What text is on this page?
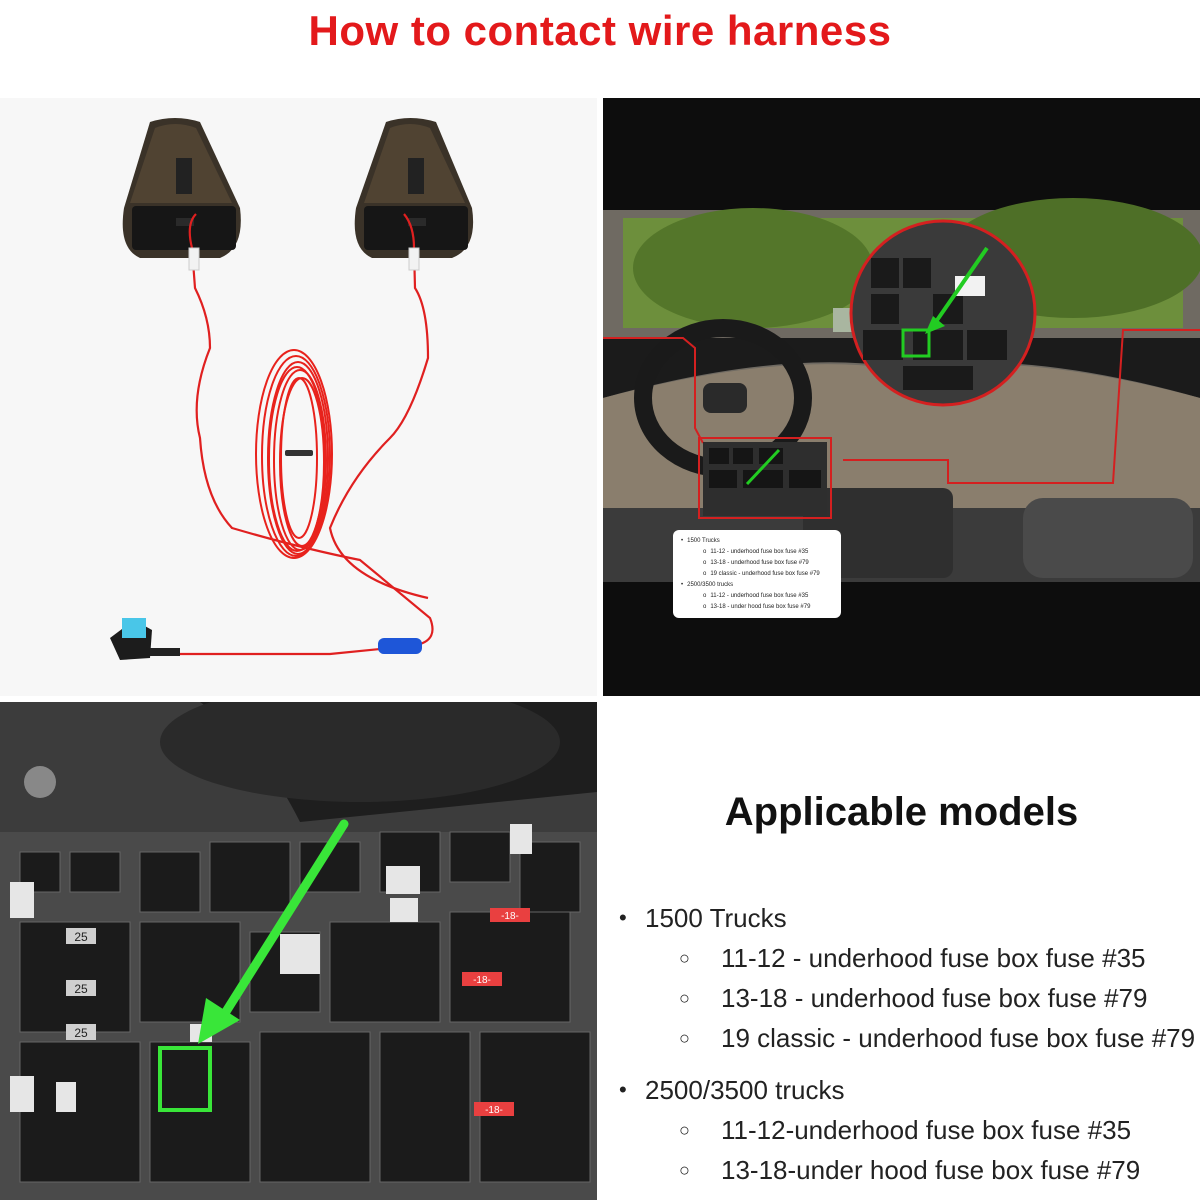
How to contact wire harness
• 1500 Trucks
o 11-12 - underhood fuse box fuse #35
o 13-18 - underhood fuse box fuse #79
o 19 classic - underhood fuse box fuse #79
• 2500/3500 trucks
o 11-12 - underhood fuse box fuse #35
o 13-18 - under hood fuse box fuse #79
25
25
25
-18-
-18-
-18-
Applicable models
• 1500 Trucks
○	11-12 - underhood fuse box fuse #35
○	13-18 - underhood fuse box fuse #79
○	19 classic - underhood fuse box fuse #79
• 2500/3500 trucks
○	11-12-underhood fuse box fuse #35
○	13-18-under hood fuse box fuse #79
